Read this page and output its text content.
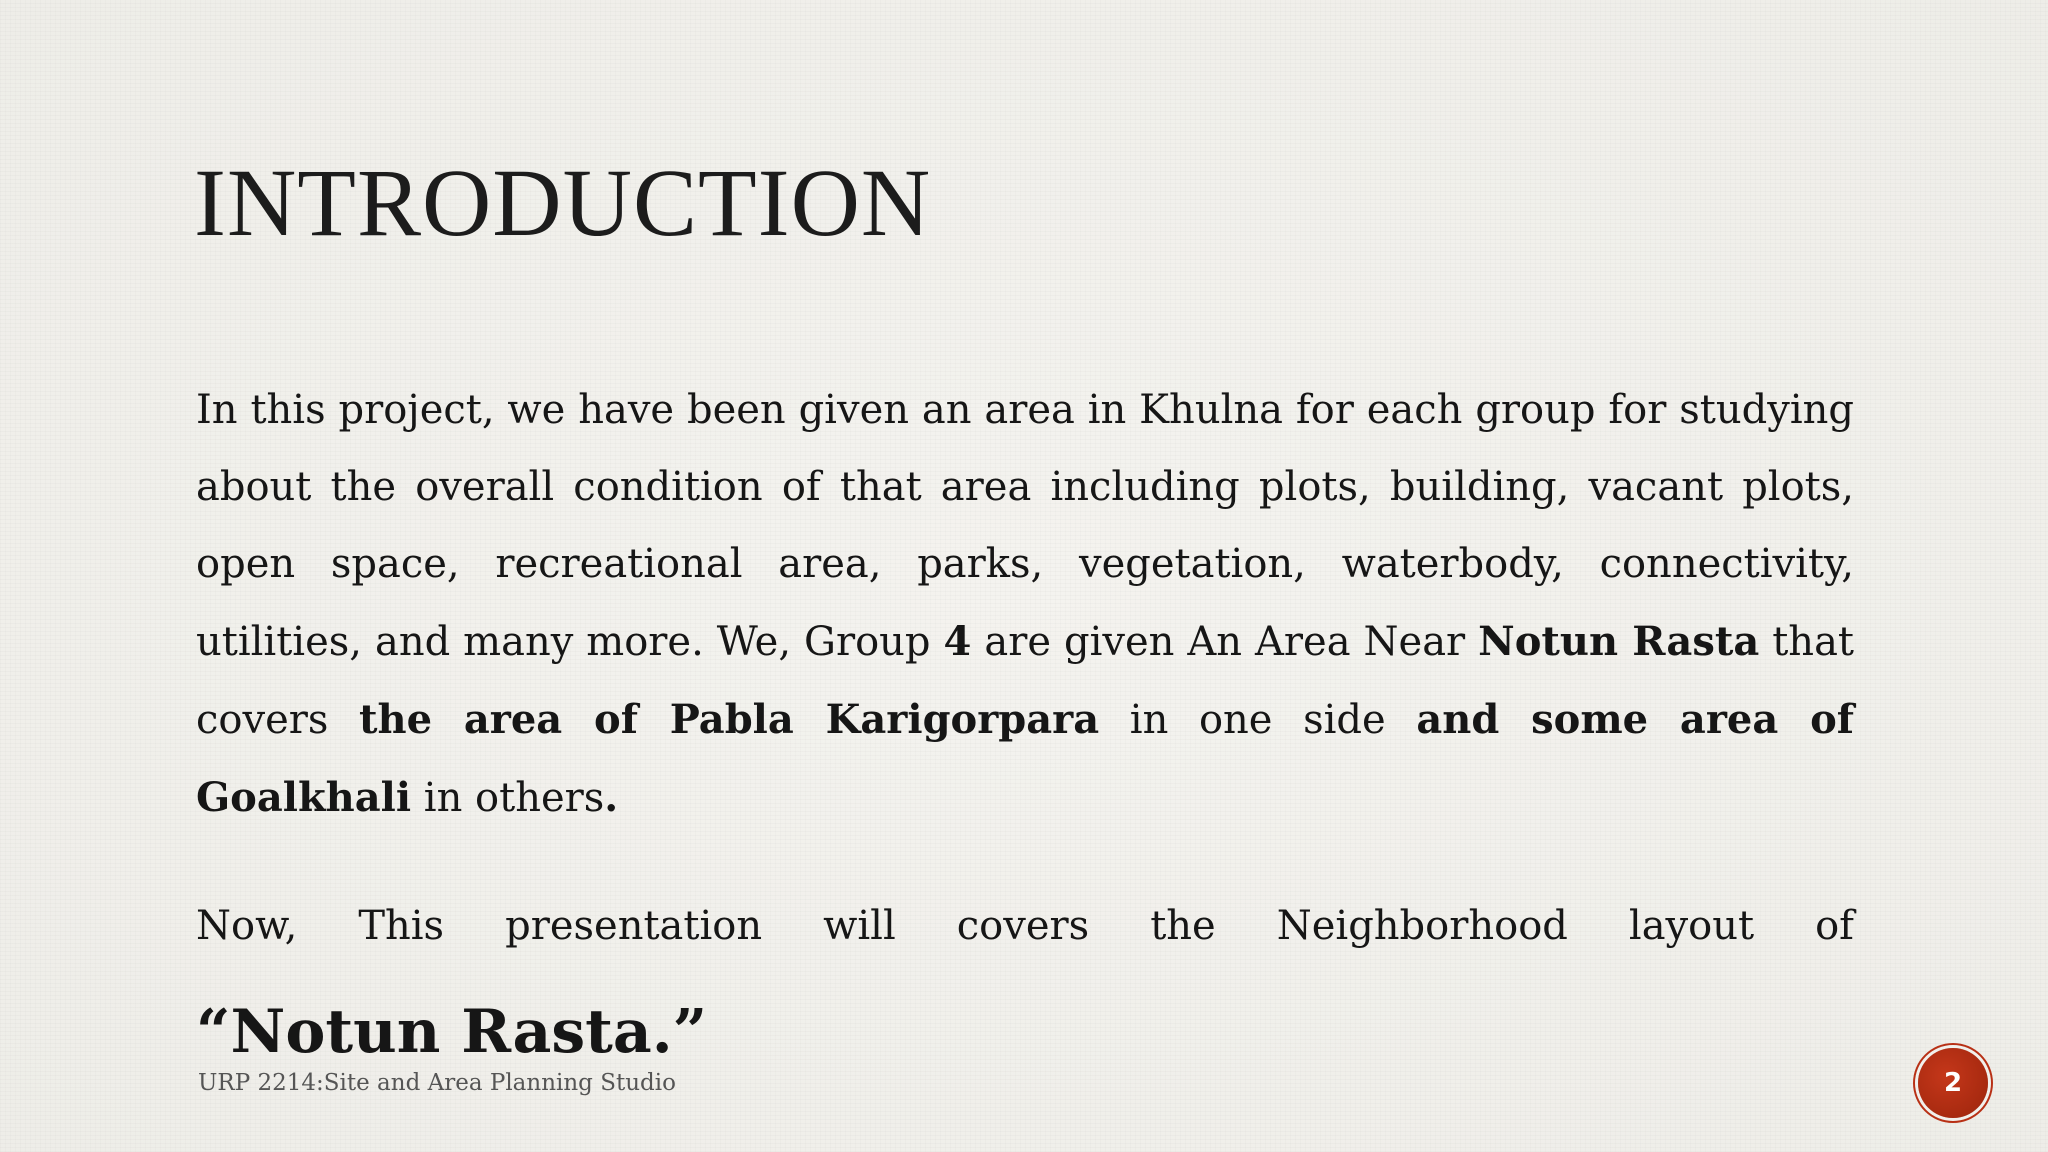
INTRODUCTION

In this project, we have been given an area in Khulna for each group for studying about the overall condition of that area including plots, building, vacant plots, open space, recreational area, parks, vegetation, waterbody, connectivity, utilities, and many more. We, Group 4 are given An Area Near Notun Rasta that covers the area of Pabla Karigorpara in one side and some area of Goalkhali in others.

Now, This presentation will covers the Neighborhood layout of “Notun Rasta.”

URP 2214:Site and Area Planning Studio	2
